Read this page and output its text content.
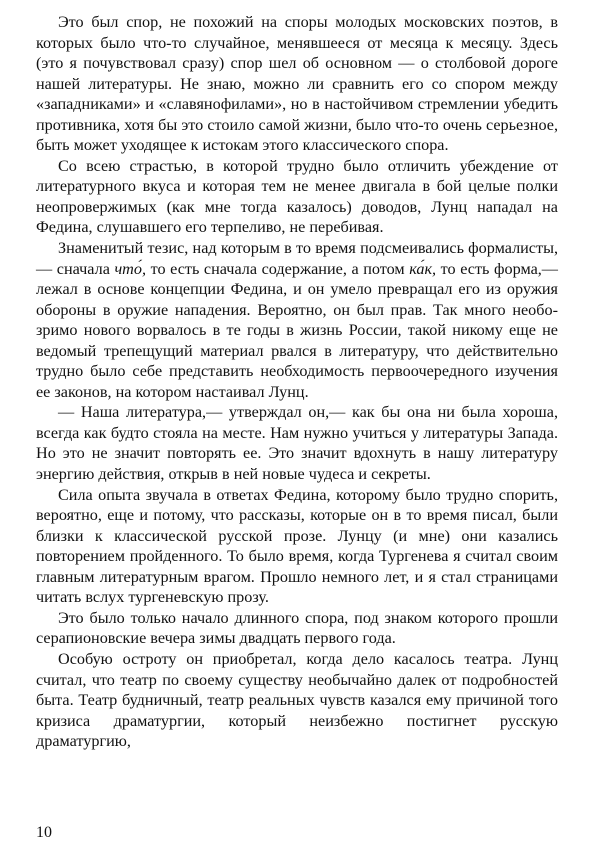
Это был спор, не похожий на споры молодых московских поэтов, в которых было что-то случайное, менявшееся от месяца к месяцу. Здесь (это я почувствовал сразу) спор шел об основном — о столбовой дороге нашей литературы. Не знаю, можно ли сравнить его со спором между «западниками» и «славянофилами», но в настойчивом стремлении убедить противника, хотя бы это стоило самой жизни, было что-то очень серьезное, быть может уходящее к истокам этого классического спора.

Со всею страстью, в которой трудно было отличить убеждение от литературного вкуса и которая тем не менее двигала в бой целые полки неопровержимых (как мне тогда казалось) доводов, Лунц нападал на Федина, слушавшего его терпеливо, не перебивая.

Знаменитый тезис, над которым в то время подсмеивались формалисты,— сначала что́, то есть сначала содержание, а потом ка́к, то есть форма,— лежал в основе концепции Федина, и он умело превращал его из оружия обороны в оружие нападения. Вероятно, он был прав. Так много необозримо нового ворвалось в те годы в жизнь России, такой никому еще не ведомый трепещущий материал рвался в литературу, что действительно трудно было себе представить необходимость первоочередного изучения ее законов, на котором настаивал Лунц.

— Наша литература,— утверждал он,— как бы она ни была хороша, всегда как будто стояла на месте. Нам нужно учиться у литературы Запада. Но это не значит повторять ее. Это значит вдохнуть в нашу литературу энергию действия, открыв в ней новые чудеса и секреты.

Сила опыта звучала в ответах Федина, которому было трудно спорить, вероятно, еще и потому, что рассказы, которые он в то время писал, были близки к классической русской прозе. Лунцу (и мне) они казались повторением пройденного. То было время, когда Тургенева я считал своим главным литературным врагом. Прошло немного лет, и я стал страницами читать вслух тургеневскую прозу.

Это было только начало длинного спора, под знаком которого прошли серапионовские вечера зимы двадцать первого года.

Особую остроту он приобретал, когда дело касалось театра. Лунц считал, что театр по своему существу необычайно далек от подробностей быта. Театр будничный, театр реальных чувств казался ему причиной того кризиса драматургии, который неизбежно постигнет русскую драматургию,

10
